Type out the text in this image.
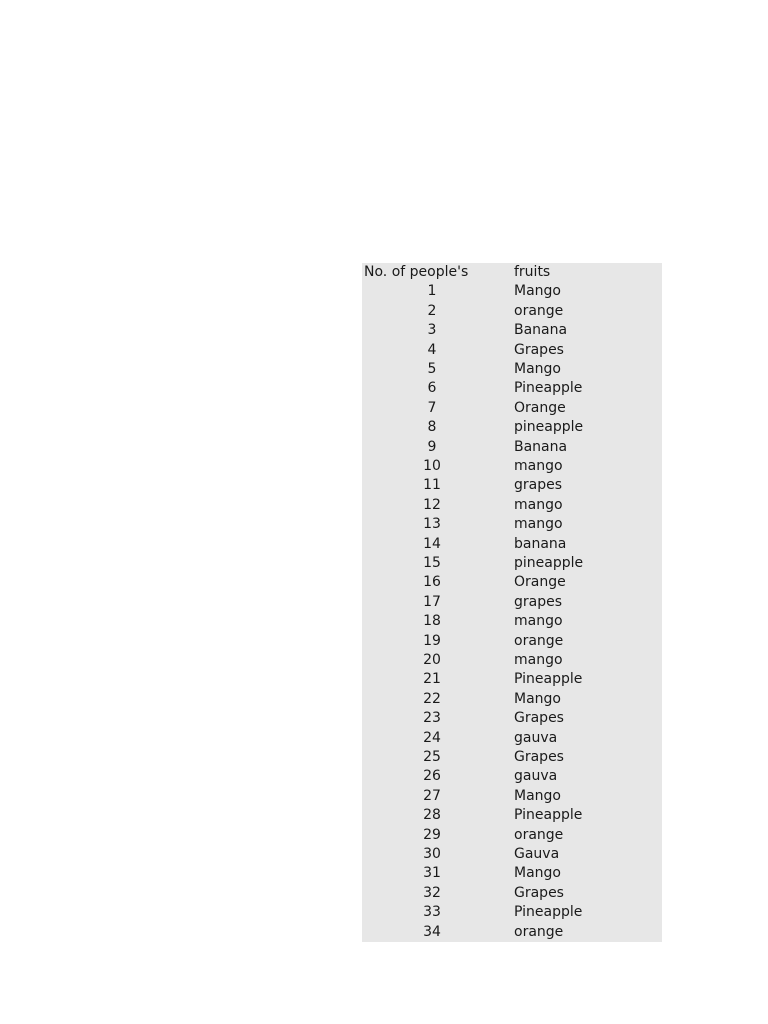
No. of people's	fruits
1	Mango
2	orange
3	Banana
4	Grapes
5	Mango
6	Pineapple
7	Orange
8	pineapple
9	Banana
10	mango
11	grapes
12	mango
13	mango
14	banana
15	pineapple
16	Orange
17	grapes
18	mango
19	orange
20	mango
21	Pineapple
22	Mango
23	Grapes
24	gauva
25	Grapes
26	gauva
27	Mango
28	Pineapple
29	orange
30	Gauva
31	Mango
32	Grapes
33	Pineapple
34	orange
